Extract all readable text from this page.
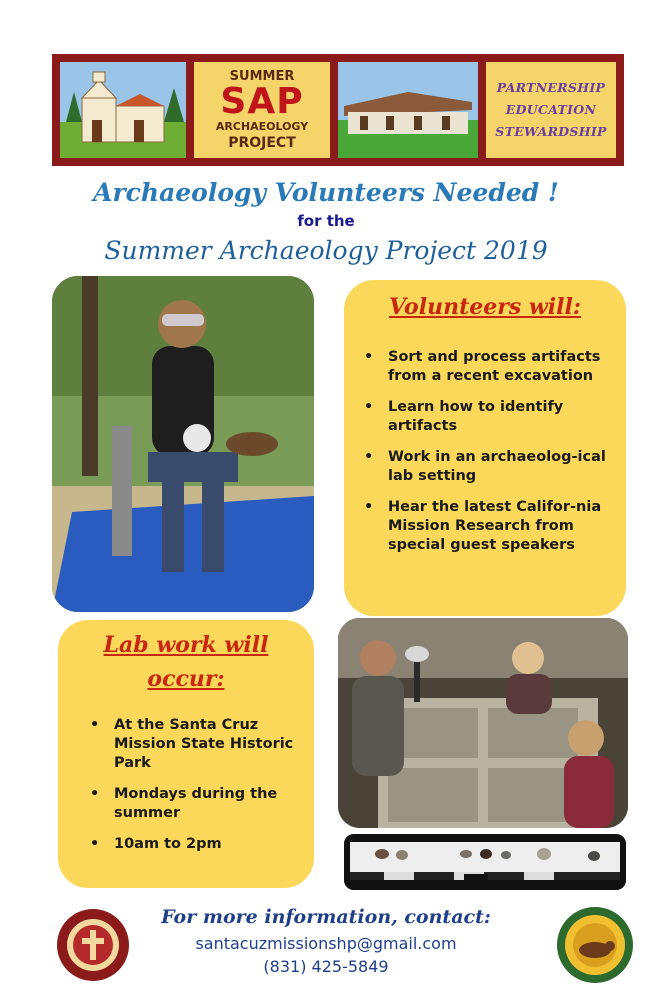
SUMMER
SAP
ARCHAEOLOGY
PROJECT
PARTNERSHIP
EDUCATION
STEWARDSHIP
Archaeology Volunteers Needed !
for the
Summer Archaeology Project 2019
Volunteers will:
• Sort and process artifacts from a recent excavation
• Learn how to identify artifacts
• Work in an archaeolog-ical lab setting
• Hear the latest Califor-nia Mission Research from special guest speakers
Lab work will
occur:
• At the Santa Cruz Mission State Historic Park
• Mondays during the summer
• 10am to 2pm
For more information, contact:
santacuzmissionshp@gmail.com
(831) 425-5849
